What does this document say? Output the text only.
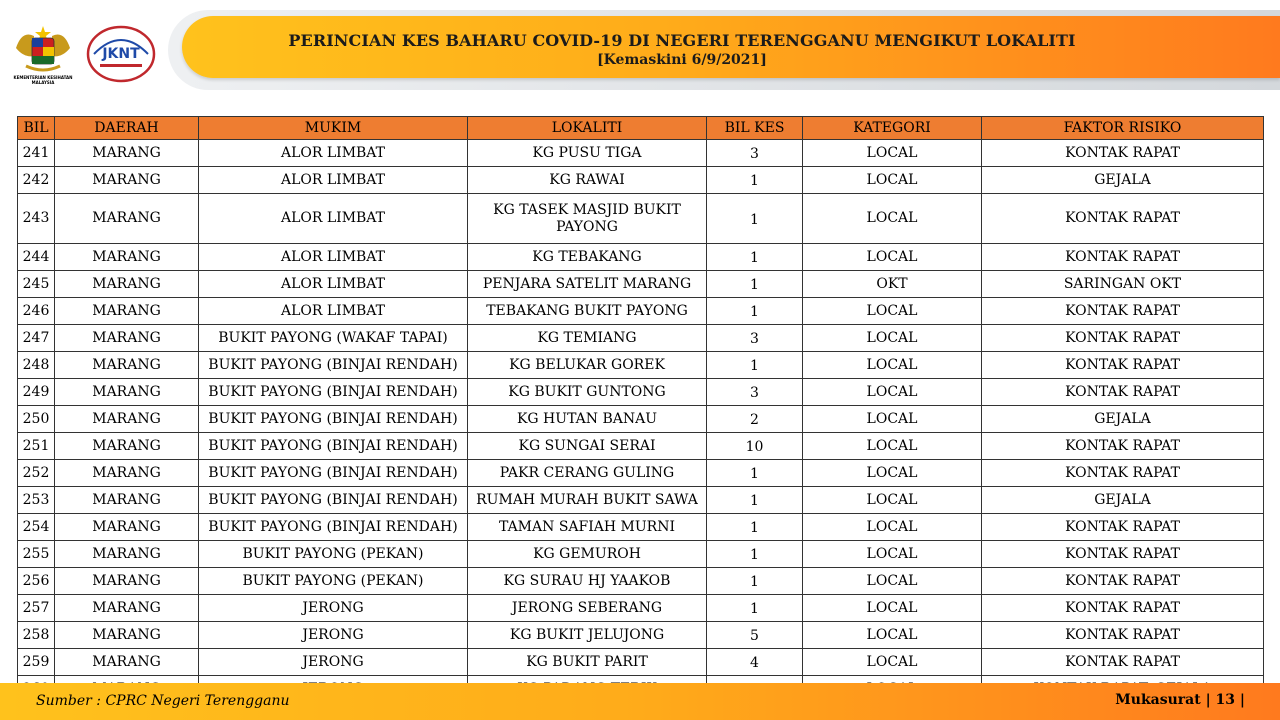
PERINCIAN KES BAHARU COVID-19 DI NEGERI TERENGGANU MENGIKUT LOKALITI
[Kemaskini 6/9/2021]
KEMENTERIAN KESIHATAN MALAYSIA
JKNT
BIL	DAERAH	MUKIM	LOKALITI	BIL KES	KATEGORI	FAKTOR RISIKO
241	MARANG	ALOR LIMBAT	KG PUSU TIGA	3	LOCAL	KONTAK RAPAT
242	MARANG	ALOR LIMBAT	KG RAWAI	1	LOCAL	GEJALA
243	MARANG	ALOR LIMBAT	KG TASEK MASJID BUKIT PAYONG	1	LOCAL	KONTAK RAPAT
244	MARANG	ALOR LIMBAT	KG TEBAKANG	1	LOCAL	KONTAK RAPAT
245	MARANG	ALOR LIMBAT	PENJARA SATELIT MARANG	1	OKT	SARINGAN OKT
246	MARANG	ALOR LIMBAT	TEBAKANG BUKIT PAYONG	1	LOCAL	KONTAK RAPAT
247	MARANG	BUKIT PAYONG (WAKAF TAPAI)	KG TEMIANG	3	LOCAL	KONTAK RAPAT
248	MARANG	BUKIT PAYONG (BINJAI RENDAH)	KG BELUKAR GOREK	1	LOCAL	KONTAK RAPAT
249	MARANG	BUKIT PAYONG (BINJAI RENDAH)	KG BUKIT GUNTONG	3	LOCAL	KONTAK RAPAT
250	MARANG	BUKIT PAYONG (BINJAI RENDAH)	KG HUTAN BANAU	2	LOCAL	GEJALA
251	MARANG	BUKIT PAYONG (BINJAI RENDAH)	KG SUNGAI SERAI	10	LOCAL	KONTAK RAPAT
252	MARANG	BUKIT PAYONG (BINJAI RENDAH)	PAKR CERANG GULING	1	LOCAL	KONTAK RAPAT
253	MARANG	BUKIT PAYONG (BINJAI RENDAH)	RUMAH MURAH BUKIT SAWA	1	LOCAL	GEJALA
254	MARANG	BUKIT PAYONG (BINJAI RENDAH)	TAMAN SAFIAH MURNI	1	LOCAL	KONTAK RAPAT
255	MARANG	BUKIT PAYONG (PEKAN)	KG GEMUROH	1	LOCAL	KONTAK RAPAT
256	MARANG	BUKIT PAYONG (PEKAN)	KG SURAU HJ YAAKOB	1	LOCAL	KONTAK RAPAT
257	MARANG	JERONG	JERONG SEBERANG	1	LOCAL	KONTAK RAPAT
258	MARANG	JERONG	KG BUKIT JELUJONG	5	LOCAL	KONTAK RAPAT
259	MARANG	JERONG	KG BUKIT PARIT	4	LOCAL	KONTAK RAPAT

Sumber : CPRC Negeri Terengganu	Mukasurat | 13 |
